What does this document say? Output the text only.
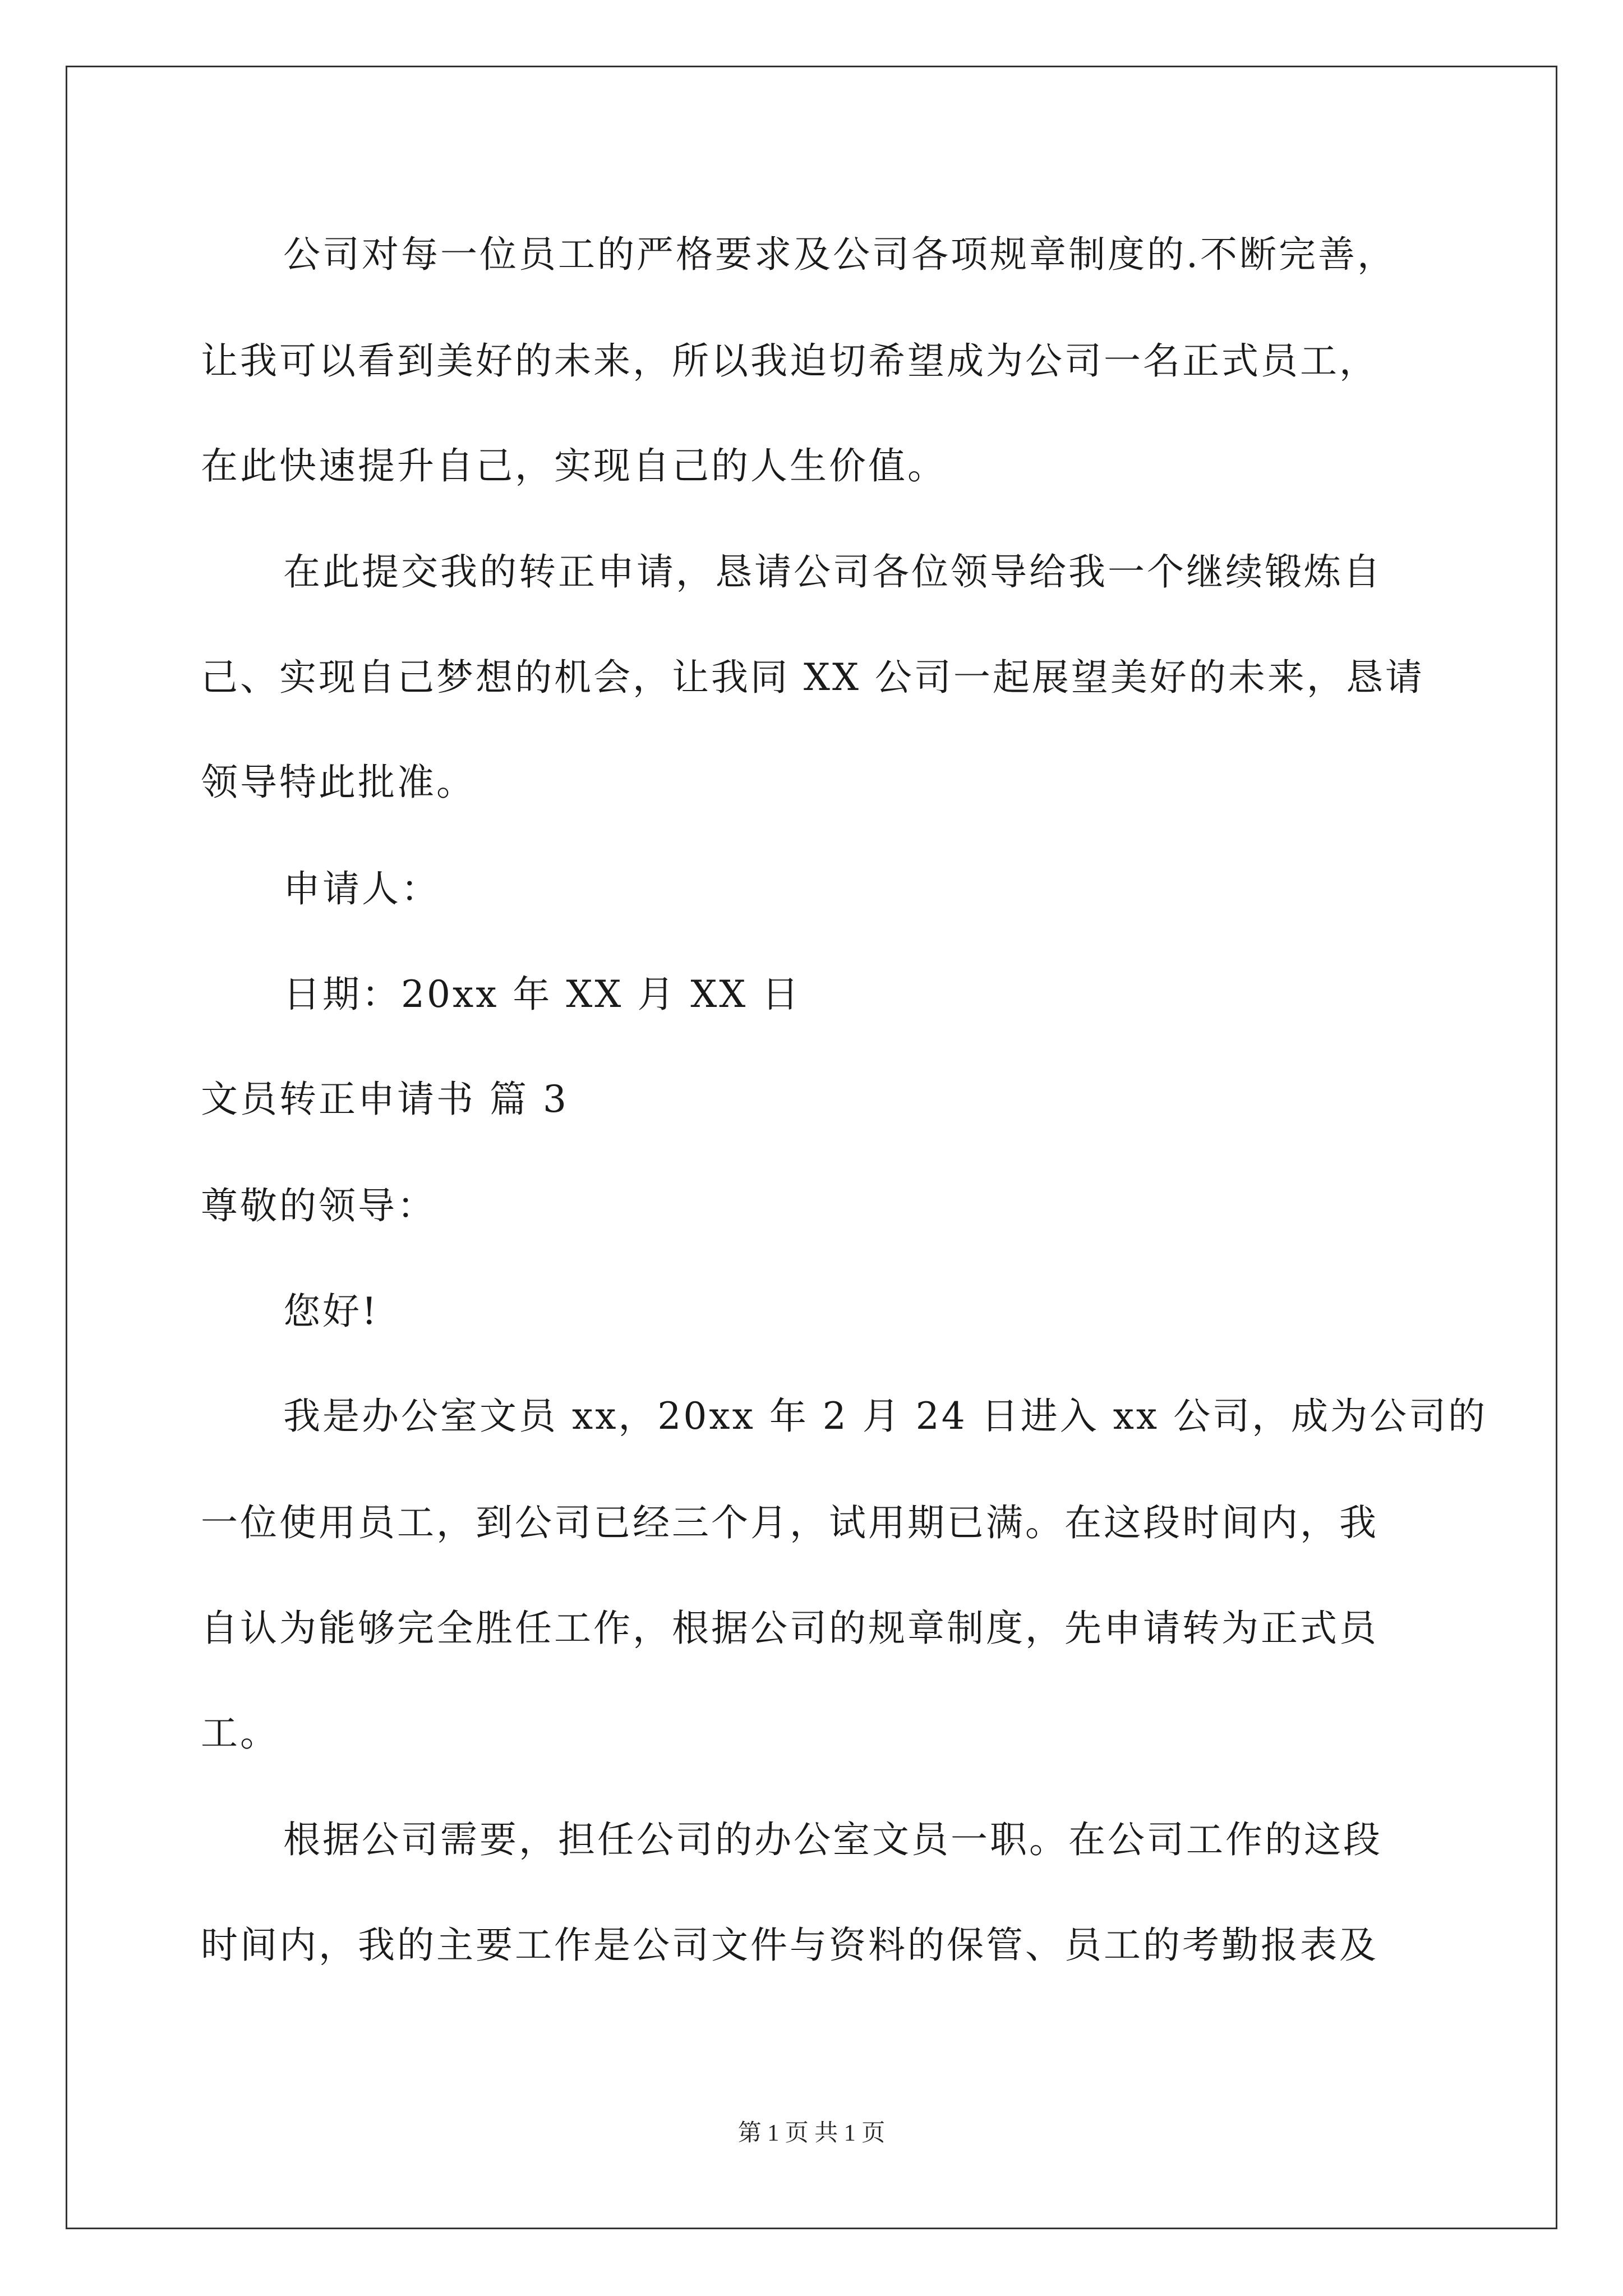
公司对每一位员工的严格要求及公司各项规章制度的.不断完善，
让我可以看到美好的未来，所以我迫切希望成为公司一名正式员工，
在此快速提升自己，实现自己的人生价值。
在此提交我的转正申请，恳请公司各位领导给我一个继续锻炼自
己、实现自己梦想的机会，让我同 XX 公司一起展望美好的未来，恳请
领导特此批准。
申请人：
日期：20xx 年 XX 月 XX 日
文员转正申请书 篇 3
尊敬的领导：
您好!
我是办公室文员 xx，20xx 年 2 月 24 日进入 xx 公司，成为公司的
一位使用员工，到公司已经三个月，试用期已满。在这段时间内，我
自认为能够完全胜任工作，根据公司的规章制度，先申请转为正式员
工。
根据公司需要，担任公司的办公室文员一职。在公司工作的这段
时间内，我的主要工作是公司文件与资料的保管、员工的考勤报表及
第 1 页 共 1 页
